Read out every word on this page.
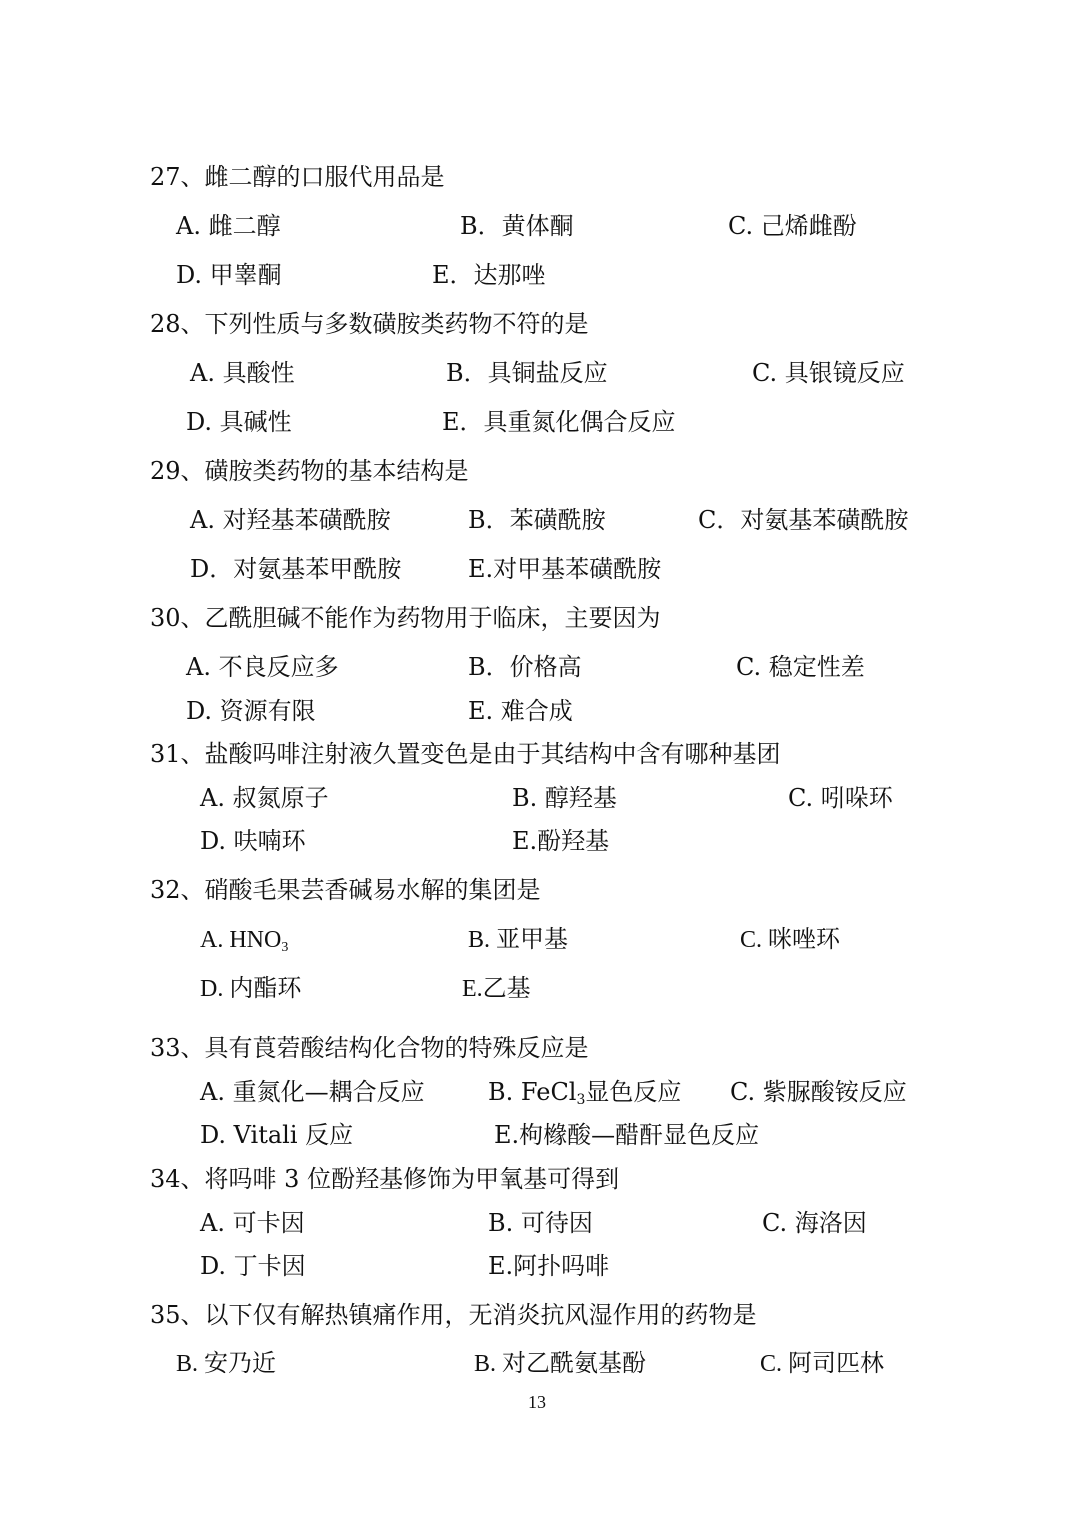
27、雌二醇的口服代用品是
A. 雌二醇	B．黄体酮	C. 己烯雌酚
D. 甲睾酮	E．达那唑
28、下列性质与多数磺胺类药物不符的是
A. 具酸性	B．具铜盐反应	C. 具银镜反应
D. 具碱性	E．具重氮化偶合反应
29、磺胺类药物的基本结构是
A. 对羟基苯磺酰胺	B．苯磺酰胺	C．对氨基苯磺酰胺
D．对氨基苯甲酰胺	E.对甲基苯磺酰胺
30、乙酰胆碱不能作为药物用于临床，主要因为
A. 不良反应多	B．价格高	C. 稳定性差
D. 资源有限	E. 难合成
31、盐酸吗啡注射液久置变色是由于其结构中含有哪种基团
A. 叔氮原子	B. 醇羟基	C. 吲哚环
D. 呋喃环	E.酚羟基
32、硝酸毛果芸香碱易水解的集团是
A. $HNO_3$	B. 亚甲基	C. 咪唑环
D. 内酯环	E.乙基
33、具有莨菪酸结构化合物的特殊反应是
A. 重氮化—耦合反应	B. FeCl$_3$显色反应 C. 紫脲酸铵反应
D. Vitali 反应	E.枸橼酸—醋酐显色反应
34、将吗啡 3 位酚羟基修饰为甲氧基可得到
A. 可卡因	B. 可待因	C. 海洛因
D. 丁卡因	E.阿扑吗啡
35、以下仅有解热镇痛作用，无消炎抗风湿作用的药物是
B. 安乃近	B. 对乙酰氨基酚	C. 阿司匹林
13
